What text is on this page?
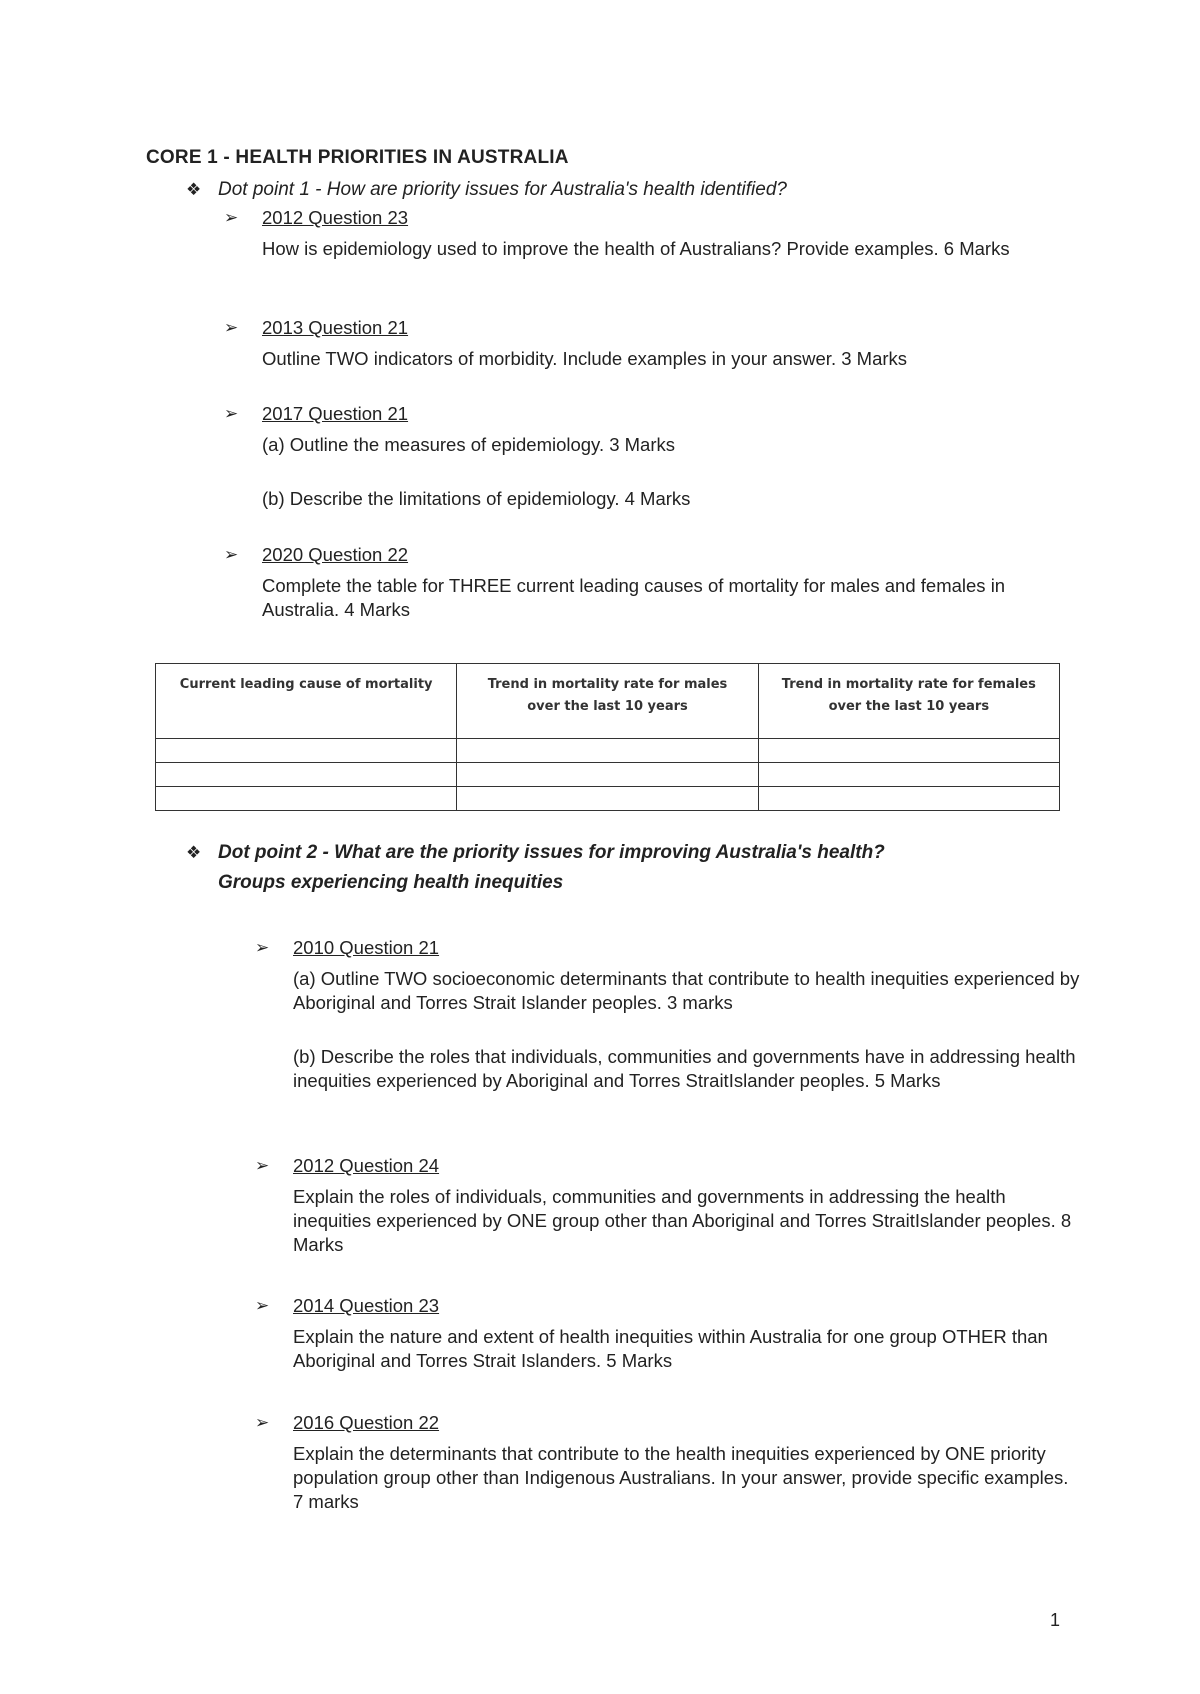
CORE 1 - HEALTH PRIORITIES IN AUSTRALIA
❖ Dot point 1 - How are priority issues for Australia's health identified?
➢ 2012 Question 23
How is epidemiology used to improve the health of Australians? Provide examples. 6 Marks
➢ 2013 Question 21
Outline TWO indicators of morbidity. Include examples in your answer. 3 Marks
➢ 2017 Question 21
(a) Outline the measures of epidemiology. 3 Marks
(b) Describe the limitations of epidemiology. 4 Marks
➢ 2020 Question 22
Complete the table for THREE current leading causes of mortality for males and females in Australia. 4 Marks
Current leading cause of mortality	Trend in mortality rate for males over the last 10 years	Trend in mortality rate for females over the last 10 years

❖ Dot point 2 - What are the priority issues for improving Australia's health?
Groups experiencing health inequities
➢ 2010 Question 21
(a) Outline TWO socioeconomic determinants that contribute to health inequities experienced by Aboriginal and Torres Strait Islander peoples. 3 marks
(b) Describe the roles that individuals, communities and governments have in addressing health inequities experienced by Aboriginal and Torres StraitIslander peoples. 5 Marks
➢ 2012 Question 24
Explain the roles of individuals, communities and governments in addressing the health inequities experienced by ONE group other than Aboriginal and Torres StraitIslander peoples. 8 Marks
➢ 2014 Question 23
Explain the nature and extent of health inequities within Australia for one group OTHER than Aboriginal and Torres Strait Islanders. 5 Marks
➢ 2016 Question 22
Explain the determinants that contribute to the health inequities experienced by ONE priority population group other than Indigenous Australians. In your answer, provide specific examples. 7 marks
1
